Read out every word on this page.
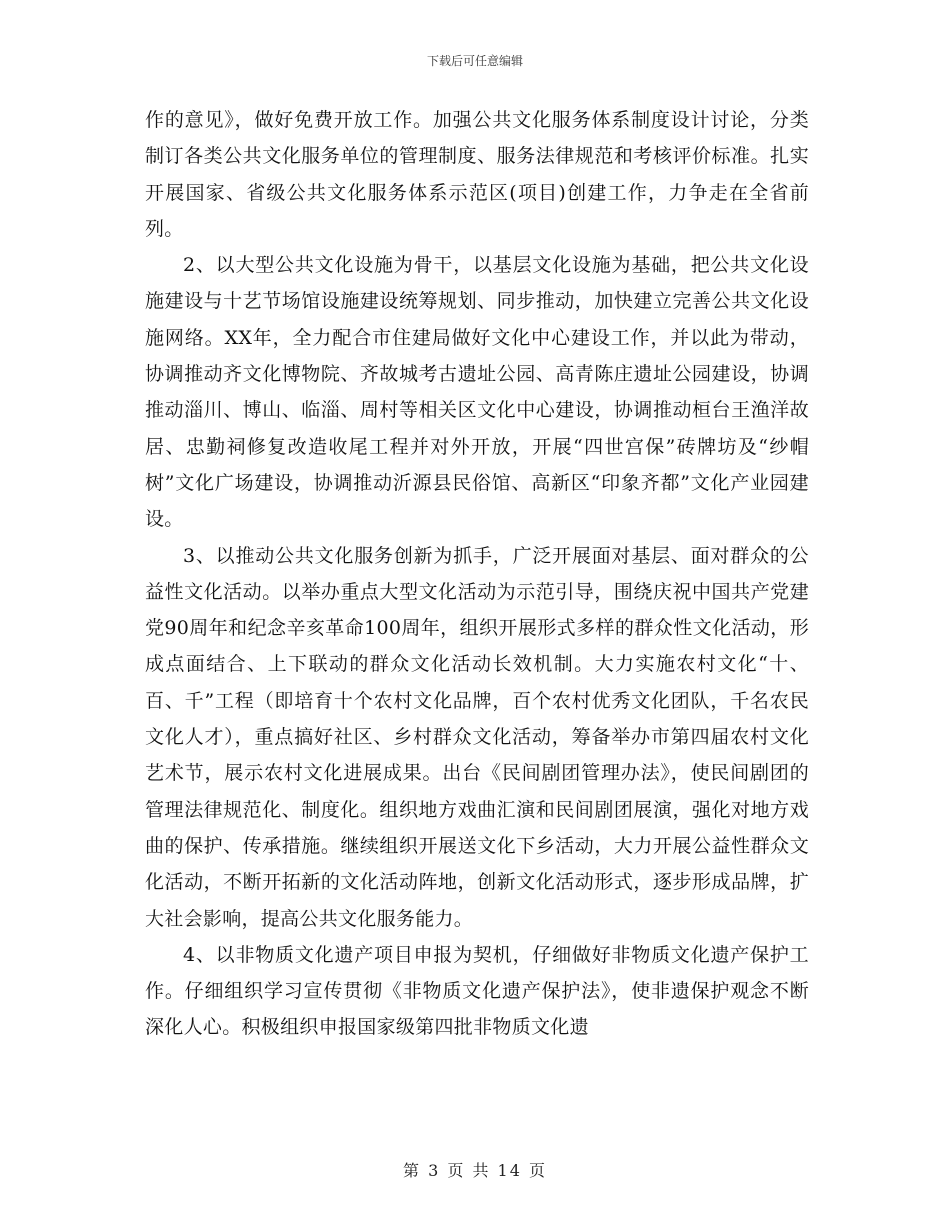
下载后可任意编辑

作的意见》，做好免费开放工作。加强公共文化服务体系制度设计讨论，分类制订各类公共文化服务单位的管理制度、服务法律规范和考核评价标准。扎实开展国家、省级公共文化服务体系示范区(项目)创建工作，力争走在全省前列。

2、以大型公共文化设施为骨干，以基层文化设施为基础，把公共文化设施建设与十艺节场馆设施建设统筹规划、同步推动，加快建立完善公共文化设施网络。XX年，全力配合市住建局做好文化中心建设工作，并以此为带动，协调推动齐文化博物院、齐故城考古遗址公园、高青陈庄遗址公园建设，协调推动淄川、博山、临淄、周村等相关区文化中心建设，协调推动桓台王渔洋故居、忠勤祠修复改造收尾工程并对外开放，开展“四世宫保”砖牌坊及“纱帽树”文化广场建设，协调推动沂源县民俗馆、高新区“印象齐都”文化产业园建设。

3、以推动公共文化服务创新为抓手，广泛开展面对基层、面对群众的公益性文化活动。以举办重点大型文化活动为示范引导，围绕庆祝中国共产党建党90周年和纪念辛亥革命100周年，组织开展形式多样的群众性文化活动，形成点面结合、上下联动的群众文化活动长效机制。大力实施农村文化“十、百、千”工程（即培育十个农村文化品牌，百个农村优秀文化团队，千名农民文化人才），重点搞好社区、乡村群众文化活动，筹备举办市第四届农村文化艺术节，展示农村文化进展成果。出台《民间剧团管理办法》，使民间剧团的管理法律规范化、制度化。组织地方戏曲汇演和民间剧团展演，强化对地方戏曲的保护、传承措施。继续组织开展送文化下乡活动，大力开展公益性群众文化活动，不断开拓新的文化活动阵地，创新文化活动形式，逐步形成品牌，扩大社会影响，提高公共文化服务能力。

4、以非物质文化遗产项目申报为契机，仔细做好非物质文化遗产保护工作。仔细组织学习宣传贯彻《非物质文化遗产保护法》，使非遗保护观念不断深化人心。积极组织申报国家级第四批非物质文化遗

第 3 页 共 14 页
